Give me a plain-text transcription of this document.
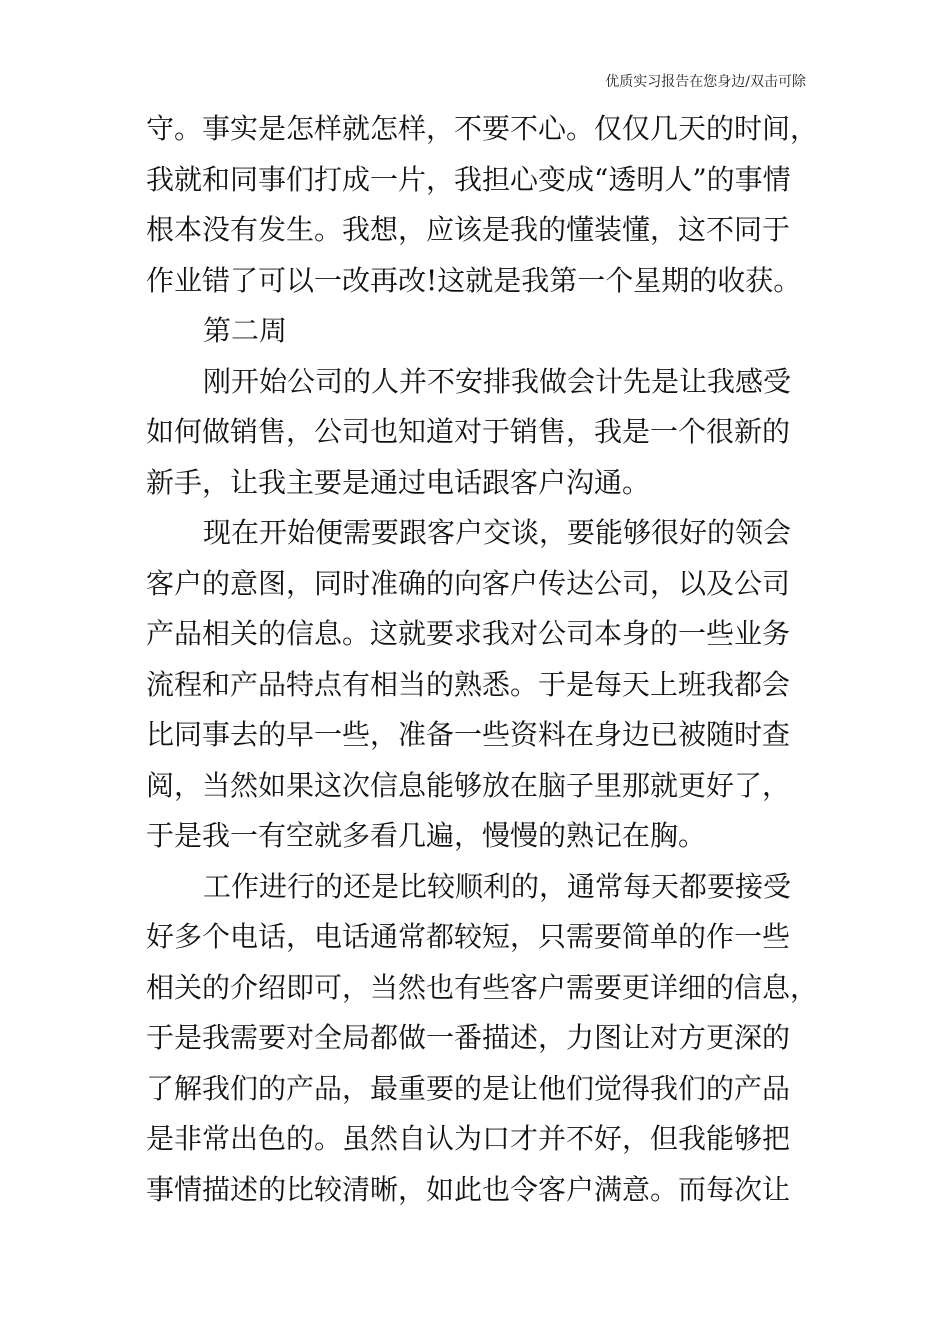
优质实习报告在您身边/双击可除
守。事实是怎样就怎样，不要不心。仅仅几天的时间，
我就和同事们打成一片，我担心变成“透明人”的事情
根本没有发生。我想，应该是我的懂装懂，这不同于
作业错了可以一改再改!这就是我第一个星期的收获。
第二周
刚开始公司的人并不安排我做会计先是让我感受
如何做销售，公司也知道对于销售，我是一个很新的
新手，让我主要是通过电话跟客户沟通。
现在开始便需要跟客户交谈，要能够很好的领会
客户的意图，同时准确的向客户传达公司，以及公司
产品相关的信息。这就要求我对公司本身的一些业务
流程和产品特点有相当的熟悉。于是每天上班我都会
比同事去的早一些，准备一些资料在身边已被随时查
阅，当然如果这次信息能够放在脑子里那就更好了，
于是我一有空就多看几遍，慢慢的熟记在胸。
工作进行的还是比较顺利的，通常每天都要接受
好多个电话，电话通常都较短，只需要简单的作一些
相关的介绍即可，当然也有些客户需要更详细的信息，
于是我需要对全局都做一番描述，力图让对方更深的
了解我们的产品，最重要的是让他们觉得我们的产品
是非常出色的。虽然自认为口才并不好，但我能够把
事情描述的比较清晰，如此也令客户满意。而每次让
